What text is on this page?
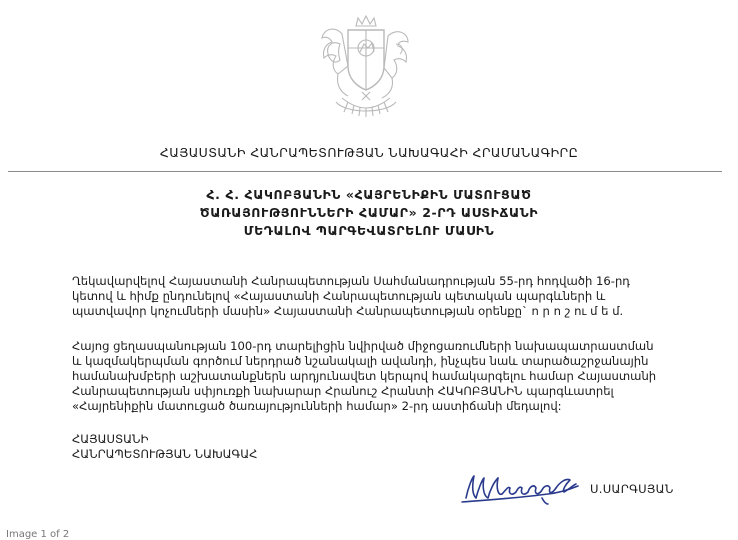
ՀԱՅԱՍՏԱՆԻ ՀԱՆՐԱՊԵՏՈՒԹՅԱՆ ՆԱԽԱԳԱՀԻ ՀՐԱՄԱՆԱԳԻՐԸ
Հ. Հ. ՀԱԿՈԲՅԱՆԻՆ «ՀԱՅՐԵՆԻՔԻՆ ՄԱՏՈՒՑԱԾ
ԾԱՌԱՅՈՒԹՅՈՒՆՆԵՐԻ ՀԱՄԱՐ» 2-ՐԴ ԱՍՏԻՃԱՆԻ
ՄԵԴԱԼՈՎ ՊԱՐԳԵՎԱՏՐԵԼՈՒ ՄԱՍԻՆ
Ղեկավարվելով Հայաստանի Հանրապետության Սահմանադրության 55-րդ հոդվածի 16-րդ
կետով և հիմք ընդունելով «Հայաստանի Հանրապետության պետական պարգևների և
պատվավոր կոչումների մասին» Հայաստանի Հանրապետության օրենքը` ո ր ո շ ու մ ե մ.
Հայոց ցեղասպանության 100-րդ տարելիցին նվիրված միջոցառումների նախապատրաստման
և կազմակերպման գործում ներդրած նշանակալի ավանդի, ինչպես նաև տարածաշրջանային
համանախմբերի աշխատանքներն արդյունավետ կերպով համակարգելու համար Հայաստանի
Հանրապետության սփյուռքի նախարար Հրանուշ Հրանտի ՀԱԿՈԲՅԱՆԻՆ պարգևատրել
«Հայրենիքին մատուցած ծառայությունների համար» 2-րդ աստիճանի մեդալով:
ՀԱՅԱՍՏԱՆԻ
ՀԱՆՐԱՊԵՏՈՒԹՅԱՆ ՆԱԽԱԳԱՀ
Ս.ՍԱՐԳՍՅԱՆ
Image 1 of 2
